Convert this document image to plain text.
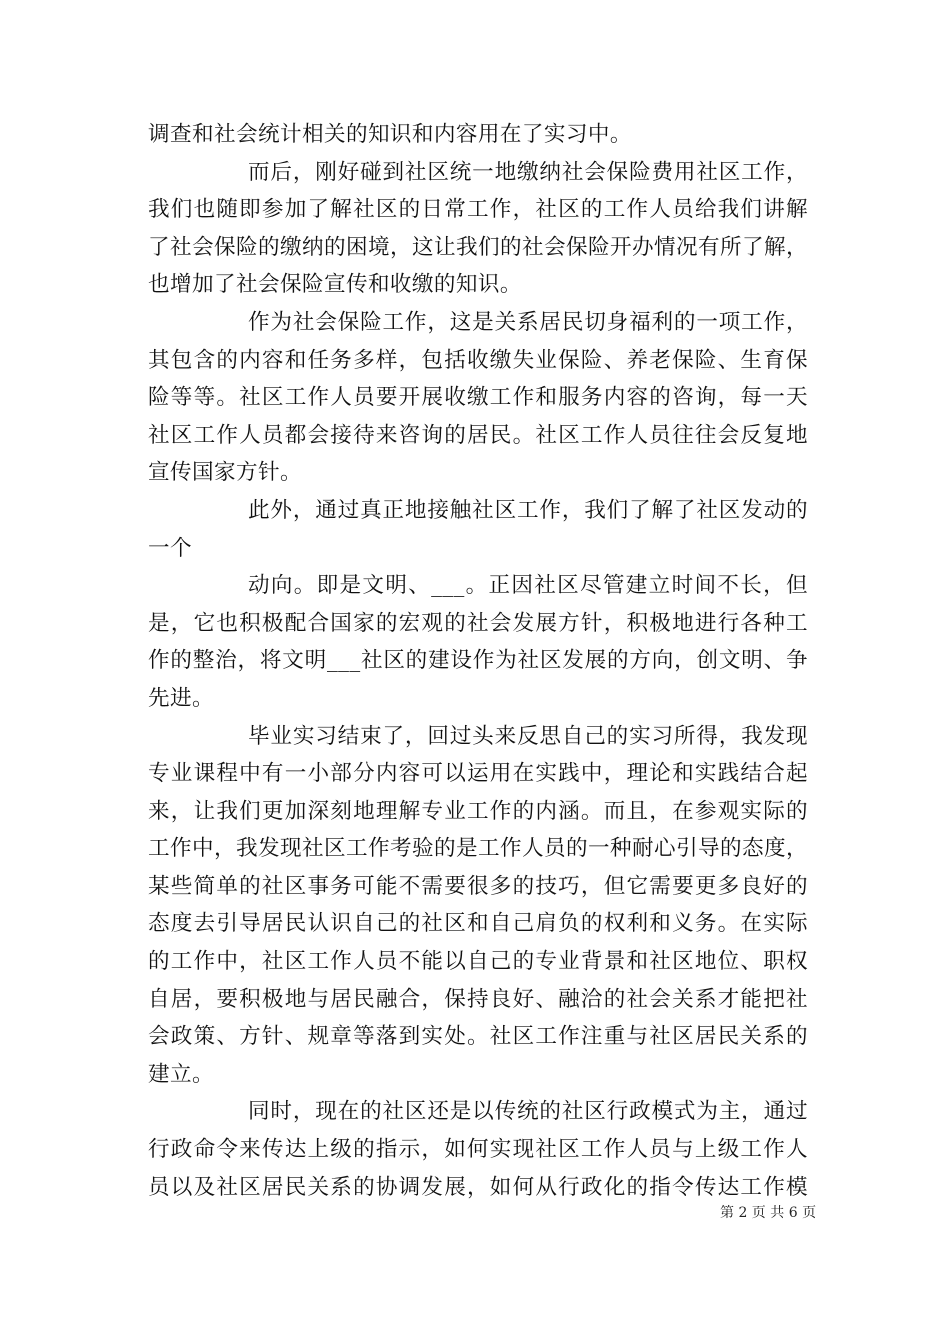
调查和社会统计相关的知识和内容用在了实习中。
而后，刚好碰到社区统一地缴纳社会保险费用社区工作，
我们也随即参加了解社区的日常工作，社区的工作人员给我们讲解
了社会保险的缴纳的困境，这让我们的社会保险开办情况有所了解，
也增加了社会保险宣传和收缴的知识。
作为社会保险工作，这是关系居民切身福利的一项工作，
其包含的内容和任务多样，包括收缴失业保险、养老保险、生育保
险等等。社区工作人员要开展收缴工作和服务内容的咨询，每一天
社区工作人员都会接待来咨询的居民。社区工作人员往往会反复地
宣传国家方针。
此外，通过真正地接触社区工作，我们了解了社区发动的
一个
动向。即是文明、___。正因社区尽管建立时间不长，但
是，它也积极配合国家的宏观的社会发展方针，积极地进行各种工
作的整治，将文明___社区的建设作为社区发展的方向，创文明、争
先进。
毕业实习结束了，回过头来反思自己的实习所得，我发现
专业课程中有一小部分内容可以运用在实践中，理论和实践结合起
来，让我们更加深刻地理解专业工作的内涵。而且，在参观实际的
工作中，我发现社区工作考验的是工作人员的一种耐心引导的态度，
某些简单的社区事务可能不需要很多的技巧，但它需要更多良好的
态度去引导居民认识自己的社区和自己肩负的权利和义务。在实际
的工作中，社区工作人员不能以自己的专业背景和社区地位、职权
自居，要积极地与居民融合，保持良好、融洽的社会关系才能把社
会政策、方针、规章等落到实处。社区工作注重与社区居民关系的
建立。
同时，现在的社区还是以传统的社区行政模式为主，通过
行政命令来传达上级的指示，如何实现社区工作人员与上级工作人
员以及社区居民关系的协调发展，如何从行政化的指令传达工作模
第 2 页 共 6 页
